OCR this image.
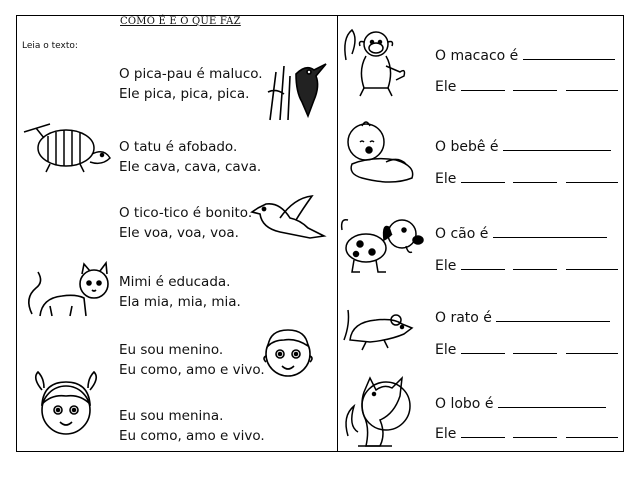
COMO É E O QUE FAZ
Leia o texto:
O pica-pau é maluco.
Ele pica, pica, pica.
O tatu é afobado.
Ele cava, cava, cava.
O tico-tico é bonito.
Ele voa, voa, voa.
Mimi é educada.
Ela mia, mia, mia.
Eu sou menino.
Eu como, amo e vivo.
Eu sou menina.
Eu como, amo e vivo.
O macaco é
Ele
O bebê é
Ele
O cão é
Ele
O rato é
Ele
O lobo é
Ele
